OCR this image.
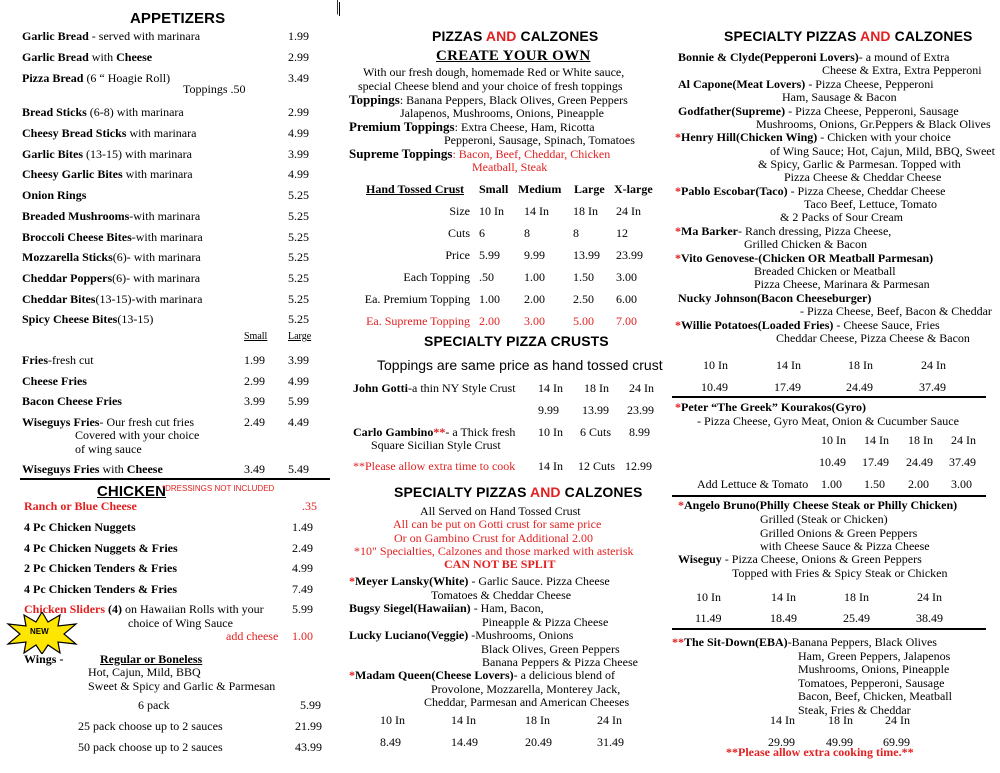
|
APPETIZERS
Garlic Bread - served with marinara	1.99
Garlic Bread with Cheese	2.99
Pizza Bread (6 “ Hoagie Roll)	3.49
Bread Sticks (6-8) with marinara	2.99
Cheesy Bread Sticks with marinara	4.99
Garlic Bites (13-15) with marinara	3.99
Cheesy Garlic Bites with marinara	4.99
Onion Rings	5.25
Breaded Mushrooms-with marinara	5.25
Broccoli Cheese Bites-with marinara	5.25
Mozzarella Sticks(6)- with marinara	5.25
Cheddar Poppers(6)- with marinara	5.25
Cheddar Bites(13-15)-with marinara	5.25
Spicy Cheese Bites(13-15)	5.25
Toppings .50
Small Large
Fries-fresh cut	1.99 3.99
Cheese Fries	2.99 4.99
Bacon Cheese Fries	3.99 5.99
Wiseguys Fries- Our fresh cut fries	2.49 4.49
Wiseguys Fries with Cheese	3.49 5.49
Covered with your choice
of wing sauce
CHICKEN
*DRESSINGS NOT INCLUDED
Ranch or Blue Cheese	.35
4 Pc Chicken Nuggets	1.49
4 Pc Chicken Nuggets & Fries	2.49
2 Pc Chicken Tenders & Fries	4.99
4 Pc Chicken Tenders & Fries	7.49
Chicken Sliders (4) on Hawaiian Rolls with your 5.99
choice of Wing Sauce
add cheese 1.00
NEW
Wings -	Regular or Boneless
Hot, Cajun, Mild, BBQ
Sweet & Spicy and Garlic & Parmesan
6 pack	5.99
25 pack choose up to 2 sauces	21.99
50 pack choose up to 2 sauces	43.99
PIZZAS AND CALZONES
CREATE YOUR OWN
With our fresh dough, homemade Red or White sauce,
special Cheese blend and your choice of fresh toppings
Toppings: Banana Peppers, Black Olives, Green Peppers
Jalapenos, Mushrooms, Onions, Pineapple
Premium Toppings: Extra Cheese, Ham, Ricotta
Pepperoni, Sausage, Spinach, Tomatoes
Supreme Toppings: Bacon, Beef, Cheddar, Chicken
Meatball, Steak
Hand Tossed Crust Small Medium Large X-large
Size 10 In 14 In 18 In 24 In
Cuts 6	8	8	12
Price 5.99 9.99 13.99 23.99
Each Topping .50	1.00 1.50 3.00
Ea. Premium Topping 1.00 2.00 2.50 6.00
Ea. Supreme Topping 2.00 3.00 5.00 7.00
SPECIALTY PIZZA CRUSTS
Toppings are same price as hand tossed crust
John Gotti-a thin NY Style Crust 14 In 18 In 24 In
9.99 13.99 23.99
Carlo Gambino**- a Thick fresh
Square Sicilian Style Crust
10 In 6 Cuts 8.99
**Please allow extra time to cook 14 In 12 Cuts 12.99
SPECIALTY PIZZAS AND CALZONES
All Served on Hand Tossed Crust
All can be put on Gotti crust for same price
Or on Gambino Crust for Additional 2.00
*10" Specialties, Calzones and those marked with asterisk
CAN NOT BE SPLIT
*Meyer Lansky(White) - Garlic Sauce. Pizza Cheese
Tomatoes & Cheddar Cheese
Bugsy Siegel(Hawaiian) - Ham, Bacon,
Pineapple & Pizza Cheese
Lucky Luciano(Veggie) -Mushrooms, Onions
Black Olives, Green Peppers
Banana Peppers & Pizza Cheese
*Madam Queen(Cheese Lovers)- a delicious blend of
Provolone, Mozzarella, Monterey Jack,
Cheddar, Parmesan and American Cheeses
10 In	14 In	18 In	24 In
8.49	14.49	20.49	31.49
SPECIALTY PIZZAS AND CALZONES
Bonnie & Clyde(Pepperoni Lovers)- a mound of Extra
Cheese & Extra, Extra Pepperoni
Al Capone(Meat Lovers) - Pizza Cheese, Pepperoni
Ham, Sausage & Bacon
Godfather(Supreme) - Pizza Cheese, Pepperoni, Sausage
Mushrooms, Onions, Gr.Peppers & Black Olives
*Henry Hill(Chicken Wing) - Chicken with your choice
of Wing Sauce; Hot, Cajun, Mild, BBQ, Sweet
& Spicy, Garlic & Parmesan. Topped with
Pizza Cheese & Cheddar Cheese
*Pablo Escobar(Taco) - Pizza Cheese, Cheddar Cheese
Taco Beef, Lettuce, Tomato
& 2 Packs of Sour Cream
*Ma Barker- Ranch dressing, Pizza Cheese,
Grilled Chicken & Bacon
*Vito Genovese-(Chicken OR Meatball Parmesan)
Breaded Chicken or Meatball
Pizza Cheese, Marinara & Parmesan
Nucky Johnson(Bacon Cheeseburger)
- Pizza Cheese, Beef, Bacon & Cheddar
*Willie Potatoes(Loaded Fries) - Cheese Sauce, Fries
Cheddar Cheese, Pizza Cheese & Bacon
10 In	14 In	18 In	24 In
10.49	17.49	24.49	37.49
*Peter “The Greek” Kourakos(Gyro)
- Pizza Cheese, Gyro Meat, Onion & Cucumber Sauce
10 In 14 In 18 In 24 In
10.49 17.49 24.49 37.49
Add Lettuce & Tomato 1.00 1.50 2.00 3.00
*Angelo Bruno(Philly Cheese Steak or Philly Chicken)
Grilled (Steak or Chicken)
Grilled Onions & Green Peppers
with Cheese Sauce & Pizza Cheese
Wiseguy - Pizza Cheese, Onions & Green Peppers
Topped with Fries & Spicy Steak or Chicken
10 In	14 In	18 In	24 In
11.49	18.49	25.49	38.49
**The Sit-Down(EBA)-Banana Peppers, Black Olives
Ham, Green Peppers, Jalapenos
Mushrooms, Onions, Pineapple
Tomatoes, Pepperoni, Sausage
Bacon, Beef, Chicken, Meatball
Steak, Fries & Cheddar
14 In	18 In	24 In
29.99	49.99	69.99
**Please allow extra cooking time.**
